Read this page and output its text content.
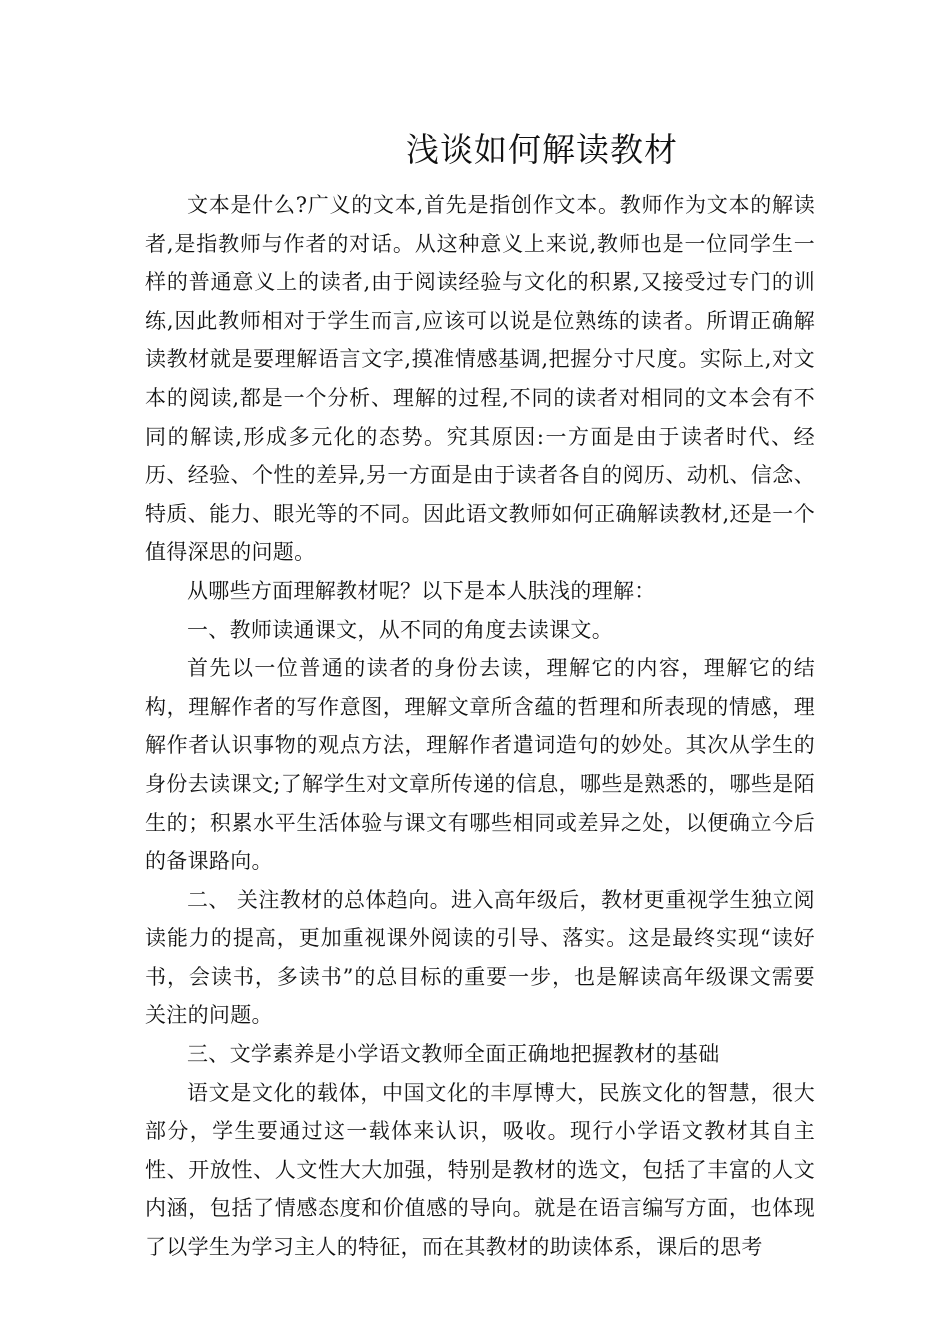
浅谈如何解读教材

文本是什么?广义的文本,首先是指创作文本。教师作为文本的解读者,是指教师与作者的对话。从这种意义上来说,教师也是一位同学生一样的普通意义上的读者,由于阅读经验与文化的积累,又接受过专门的训练,因此教师相对于学生而言,应该可以说是位熟练的读者。所谓正确解读教材就是要理解语言文字,摸准情感基调,把握分寸尺度。实际上,对文本的阅读,都是一个分析、理解的过程,不同的读者对相同的文本会有不同的解读,形成多元化的态势。究其原因:一方面是由于读者时代、经历、经验、个性的差异,另一方面是由于读者各自的阅历、动机、信念、特质、能力、眼光等的不同。因此语文教师如何正确解读教材,还是一个值得深思的问题。

从哪些方面理解教材呢？以下是本人肤浅的理解：

一、教师读通课文，从不同的角度去读课文。

首先以一位普通的读者的身份去读，理解它的内容，理解它的结构，理解作者的写作意图，理解文章所含蕴的哲理和所表现的情感，理解作者认识事物的观点方法，理解作者遣词造句的妙处。其次从学生的身份去读课文;了解学生对文章所传递的信息，哪些是熟悉的，哪些是陌生的；积累水平生活体验与课文有哪些相同或差异之处，以便确立今后的备课路向。

二、 关注教材的总体趋向。进入高年级后，教材更重视学生独立阅读能力的提高，更加重视课外阅读的引导、落实。这是最终实现“读好书，会读书，多读书”的总目标的重要一步，也是解读高年级课文需要关注的问题。

三、文学素养是小学语文教师全面正确地把握教材的基础

语文是文化的载体，中国文化的丰厚博大，民族文化的智慧，很大部分，学生要通过这一载体来认识，吸收。现行小学语文教材其自主性、开放性、人文性大大加强，特别是教材的选文，包括了丰富的人文内涵，包括了情感态度和价值感的导向。就是在语言编写方面，也体现了以学生为学习主人的特征，而在其教材的助读体系，课后的思考
